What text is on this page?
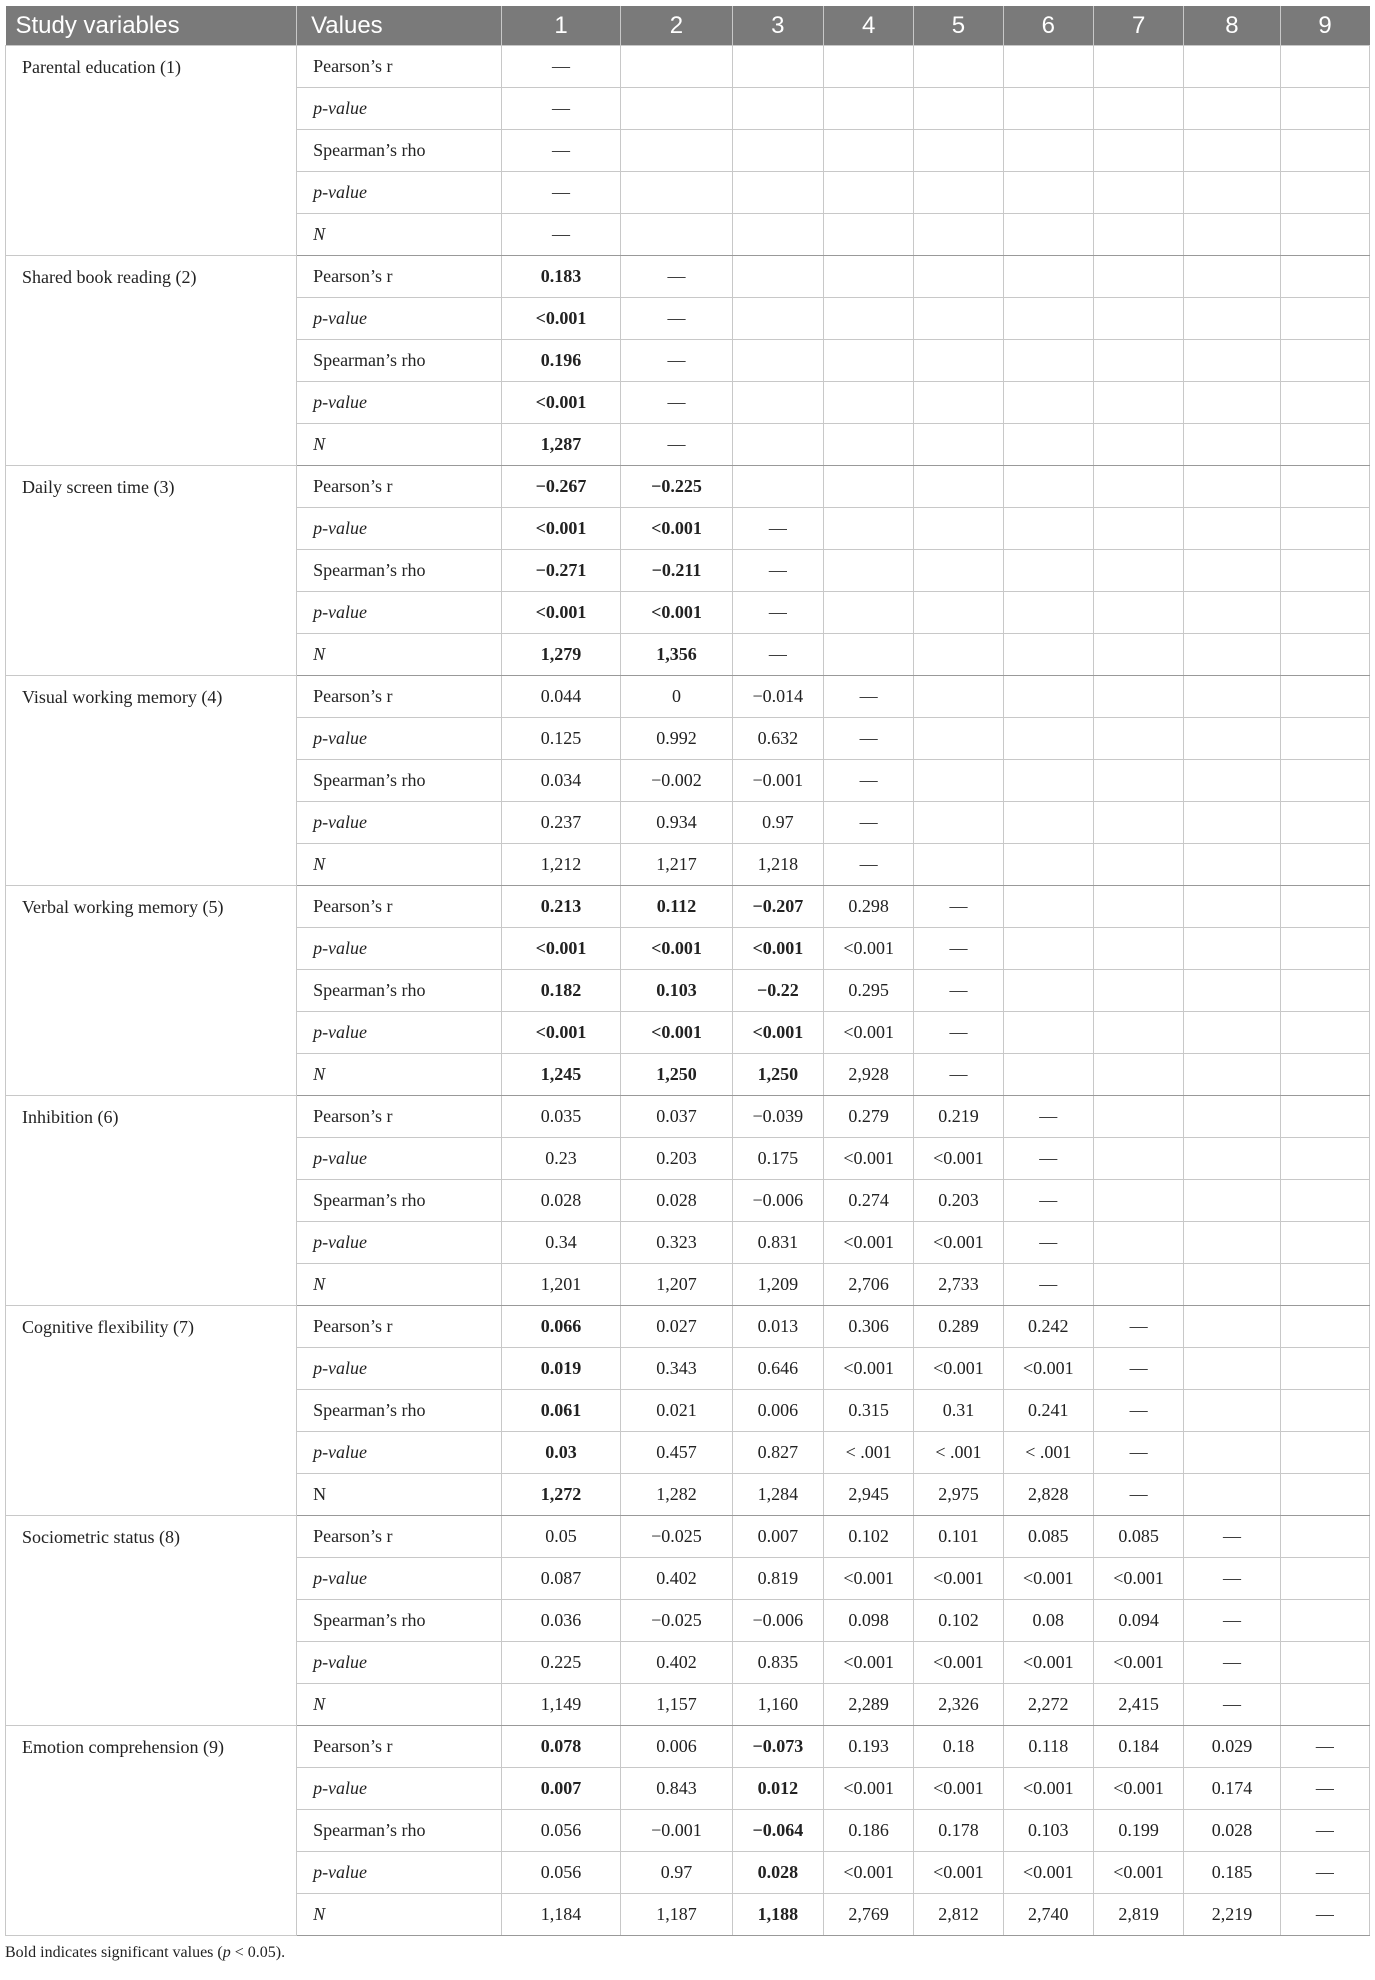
Study variables	Values	1	2	3	4	5	6	7	8	9
Parental education (1)	Pearson’s r	—								
	p-value	—								
	Spearman’s rho	—								
	p-value	—								
	N	—								
Shared book reading (2)	Pearson’s r	0.183	—							
	p-value	<0.001	—							
	Spearman’s rho	0.196	—							
	p-value	<0.001	—							
	N	1,287	—							
Daily screen time (3)	Pearson’s r	−0.267	−0.225							
	p-value	<0.001	<0.001	—						
	Spearman’s rho	−0.271	−0.211	—						
	p-value	<0.001	<0.001	—						
	N	1,279	1,356	—						
Visual working memory (4)	Pearson’s r	0.044	0	−0.014	—					
	p-value	0.125	0.992	0.632	—					
	Spearman’s rho	0.034	−0.002	−0.001	—					
	p-value	0.237	0.934	0.97	—					
	N	1,212	1,217	1,218	—					
Verbal working memory (5)	Pearson’s r	0.213	0.112	−0.207	0.298	—				
	p-value	<0.001	<0.001	<0.001	<0.001	—				
	Spearman’s rho	0.182	0.103	−0.22	0.295	—				
	p-value	<0.001	<0.001	<0.001	<0.001	—				
	N	1,245	1,250	1,250	2,928	—				
Inhibition (6)	Pearson’s r	0.035	0.037	−0.039	0.279	0.219	—			
	p-value	0.23	0.203	0.175	<0.001	<0.001	—			
	Spearman’s rho	0.028	0.028	−0.006	0.274	0.203	—			
	p-value	0.34	0.323	0.831	<0.001	<0.001	—			
	N	1,201	1,207	1,209	2,706	2,733	—			
Cognitive flexibility (7)	Pearson’s r	0.066	0.027	0.013	0.306	0.289	0.242	—		
	p-value	0.019	0.343	0.646	<0.001	<0.001	<0.001	—		
	Spearman’s rho	0.061	0.021	0.006	0.315	0.31	0.241	—		
	p-value	0.03	0.457	0.827	< .001	< .001	< .001	—		
	N	1,272	1,282	1,284	2,945	2,975	2,828	—		
Sociometric status (8)	Pearson’s r	0.05	−0.025	0.007	0.102	0.101	0.085	0.085	—	
	p-value	0.087	0.402	0.819	<0.001	<0.001	<0.001	<0.001	—	
	Spearman’s rho	0.036	−0.025	−0.006	0.098	0.102	0.08	0.094	—	
	p-value	0.225	0.402	0.835	<0.001	<0.001	<0.001	<0.001	—	
	N	1,149	1,157	1,160	2,289	2,326	2,272	2,415	—	
Emotion comprehension (9)	Pearson’s r	0.078	0.006	−0.073	0.193	0.18	0.118	0.184	0.029	—
	p-value	0.007	0.843	0.012	<0.001	<0.001	<0.001	<0.001	0.174	—
	Spearman’s rho	0.056	−0.001	−0.064	0.186	0.178	0.103	0.199	0.028	—
	p-value	0.056	0.97	0.028	<0.001	<0.001	<0.001	<0.001	0.185	—
	N	1,184	1,187	1,188	2,769	2,812	2,740	2,819	2,219	—
Bold indicates significant values (p < 0.05).
